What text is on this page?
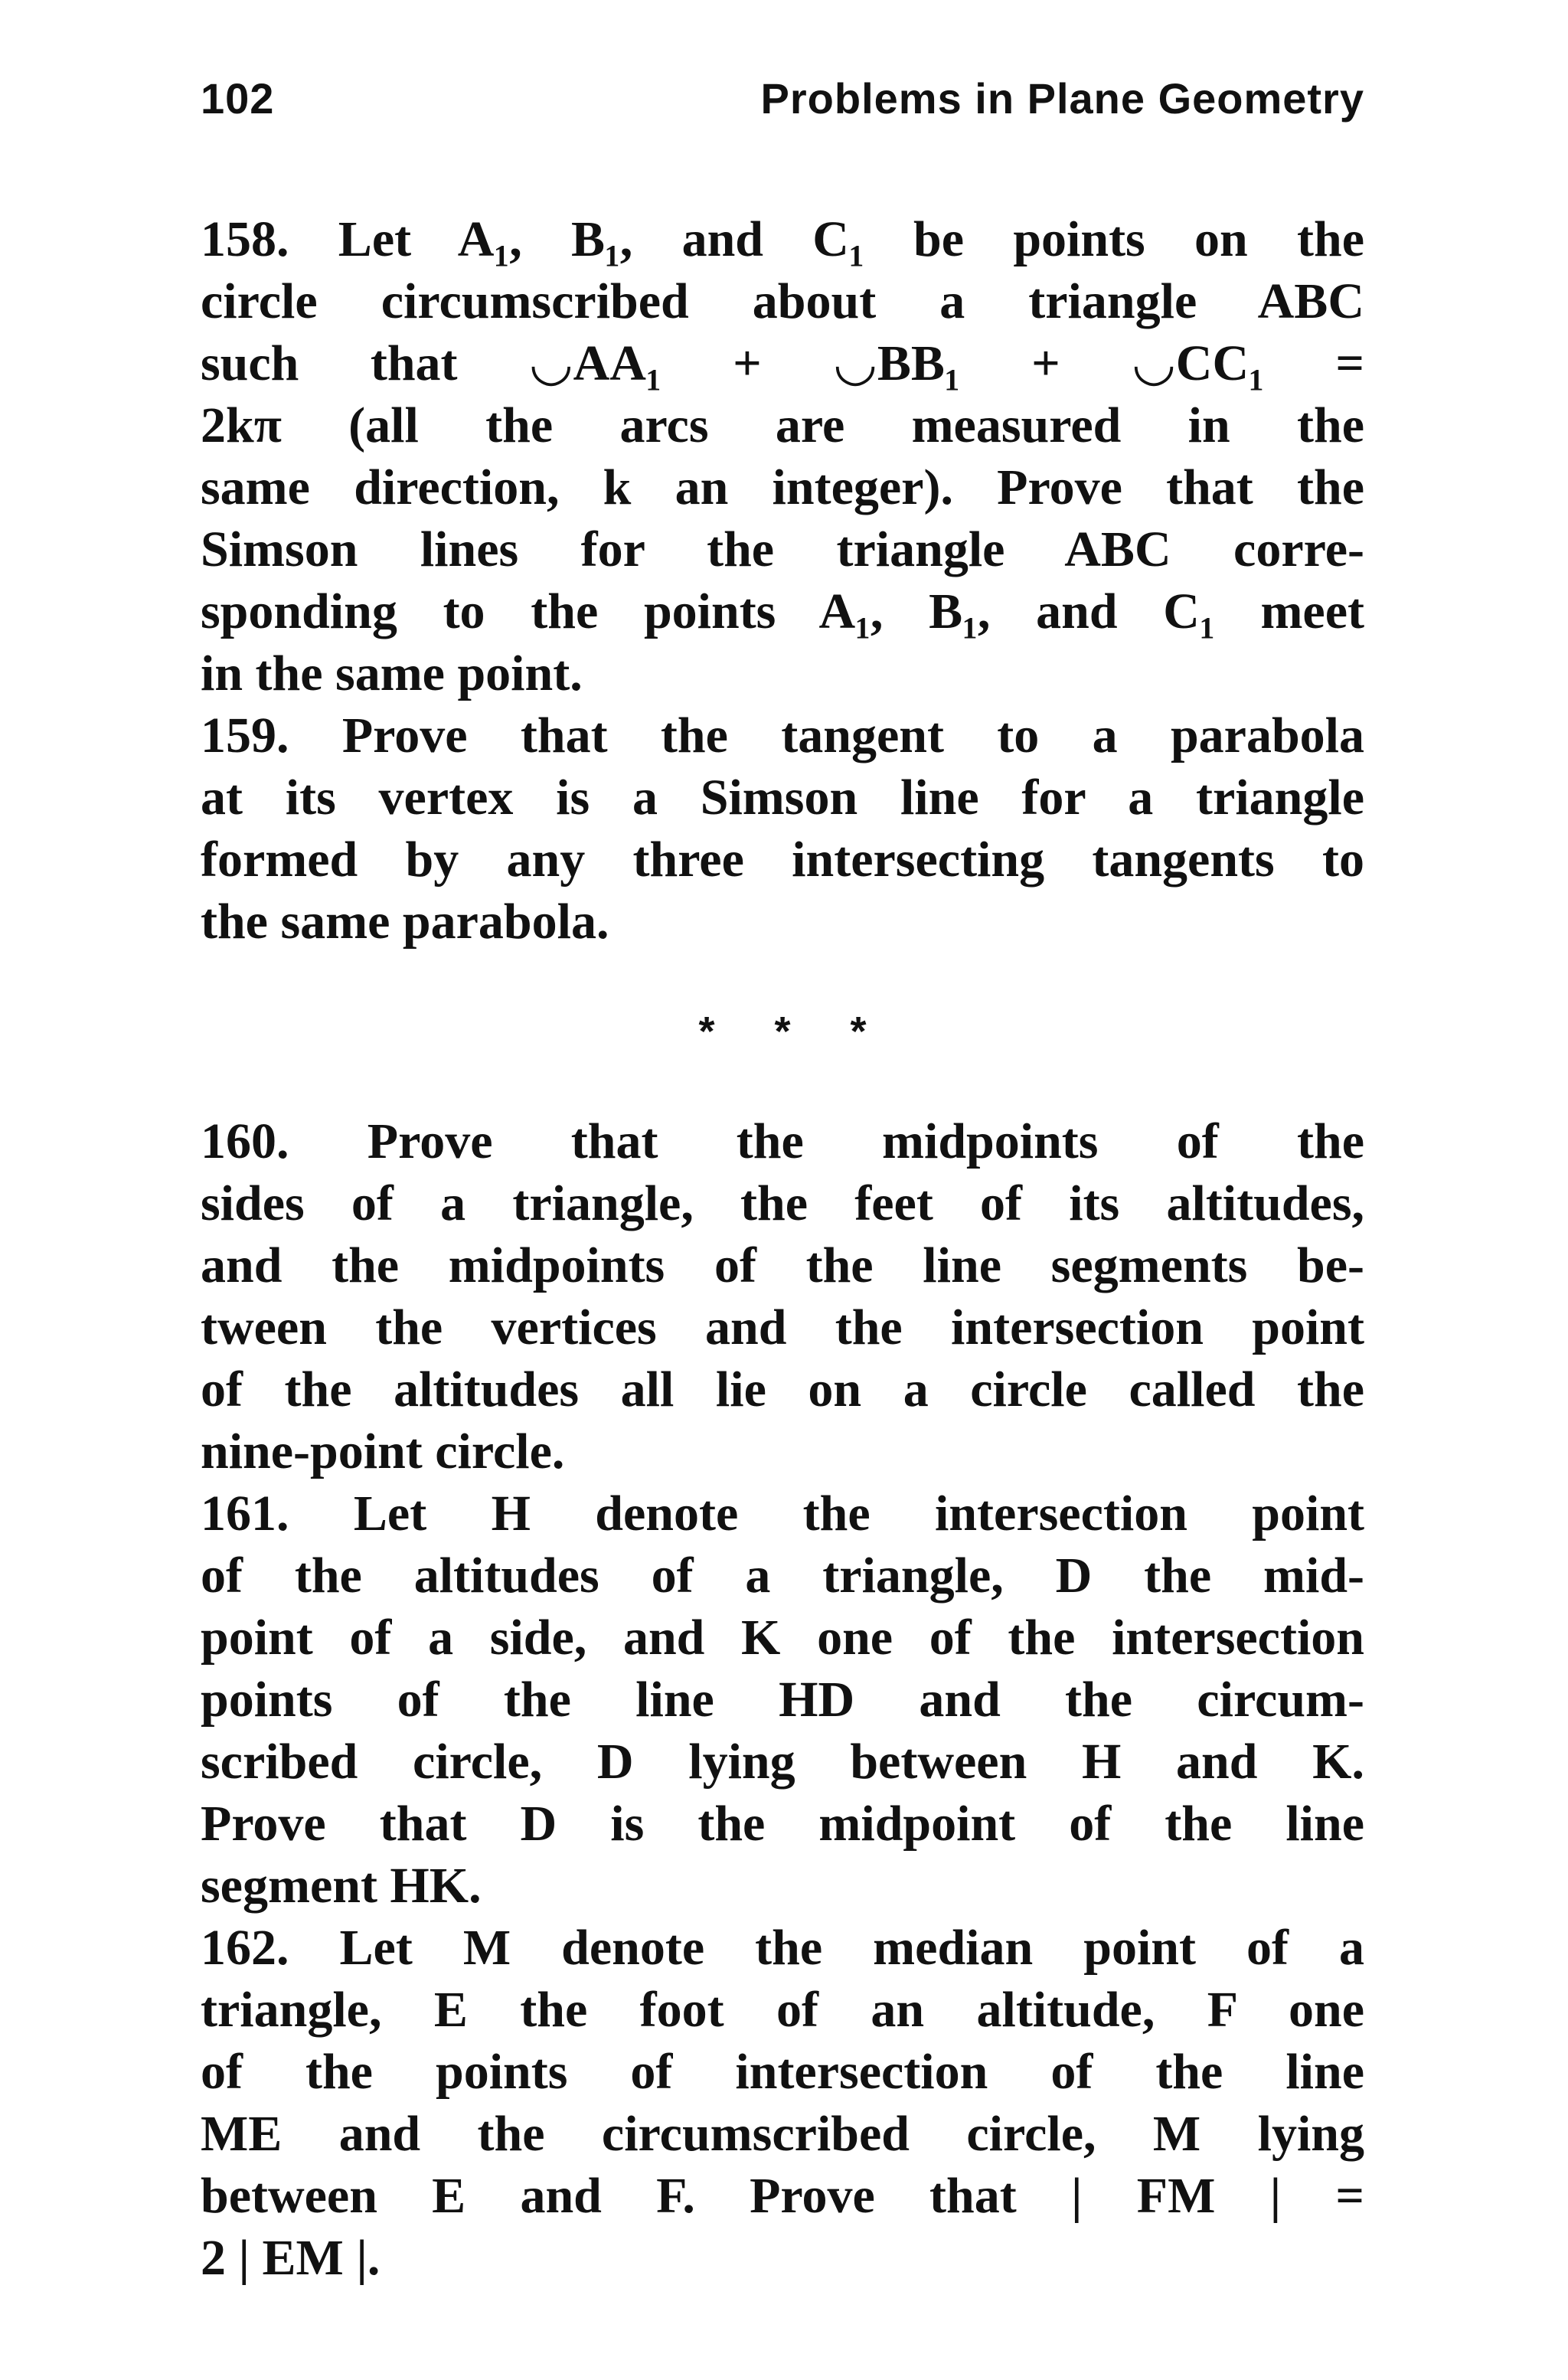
102	Problems in Plane Geometry
158. Let A₁, B₁, and C₁ be points on the
circle circumscribed about a triangle ABC
such that ◡AA₁ + ◡BB₁ + ◡CC₁ =
2kπ (all the arcs are measured in the
same direction, k an integer). Prove that the
Simson lines for the triangle ABC corre-
sponding to the points A₁, B₁, and C₁ meet
in the same point.
159. Prove that the tangent to a parabola
at its vertex is a Simson line for a triangle
formed by any three intersecting tangents to
the same parabola.
* * *
160. Prove that the midpoints of the
sides of a triangle, the feet of its altitudes,
and the midpoints of the line segments be-
tween the vertices and the intersection point
of the altitudes all lie on a circle called the
nine-point circle.
161. Let H denote the intersection point
of the altitudes of a triangle, D the mid-
point of a side, and K one of the intersection
points of the line HD and the circum-
scribed circle, D lying between H and K.
Prove that D is the midpoint of the line
segment HK.
162. Let M denote the median point of a
triangle, E the foot of an altitude, F one
of the points of intersection of the line
ME and the circumscribed circle, M lying
between E and F. Prove that | FM | =
2 | EM |.
